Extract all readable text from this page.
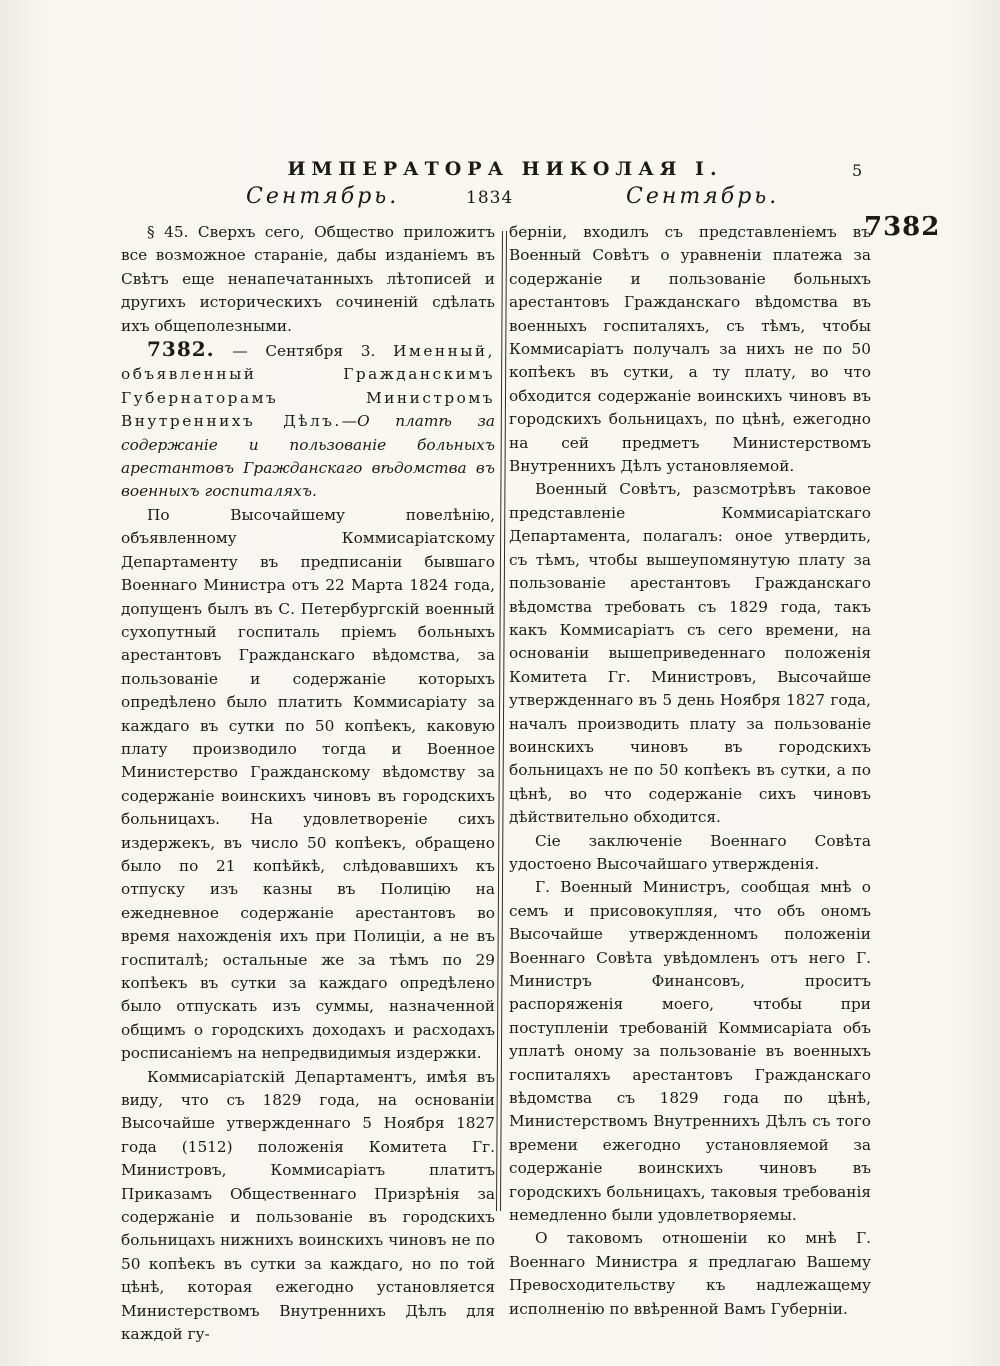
ИМПЕРАТОРА НИКОЛАЯ I.	5
Сентябрь.	1834	Сентябрь.
7382

§ 45. Сверхъ сего, Общество приложитъ все возможное стараніе, дабы изданіемъ въ Свѣтъ еще ненапечатанныхъ лѣтописей и другихъ историческихъ сочиненій сдѣлать ихъ общеполезными.

7382. — Сентября 3. Именный, объявленный Гражданскимъ Губернаторамъ Министромъ Внутреннихъ Дѣлъ.—О платѣ за содержаніе и пользованіе больныхъ арестантовъ Гражданскаго вѣдомства въ военныхъ госпиталяхъ.

По Высочайшему повелѣнію, объявленному Коммисаріатскому Департаменту въ предписаніи бывшаго Военнаго Министра отъ 22 Марта 1824 года, допущенъ былъ въ С. Петербургскій военный сухопутный госпиталь пріемъ больныхъ арестантовъ Гражданскаго вѣдомства, за пользованіе и содержаніе которыхъ опредѣлено было платить Коммисаріату за каждаго въ сутки по 50 копѣекъ, каковую плату производило тогда и Военное Министерство Гражданскому вѣдомству за содержаніе воинскихъ чиновъ въ городскихъ больницахъ. На удовлетвореніе сихъ издержекъ, въ число 50 копѣекъ, обращено было по 21 копѣйкѣ, слѣдовавшихъ къ отпуску изъ казны въ Полицію на ежедневное содержаніе арестантовъ во время нахожденія ихъ при Полиціи, а не въ госпиталѣ; остальные же за тѣмъ по 29 копѣекъ въ сутки за каждаго опредѣлено было отпускать изъ суммы, назначенной общимъ о городскихъ доходахъ и расходахъ росписаніемъ на непредвидимыя издержки.

Коммисаріатскій Департаментъ, имѣя въ виду, что съ 1829 года, на основаніи Высочайше утвержденнаго 5 Ноября 1827 года (1512) положенія Комитета Гг. Министровъ, Коммисаріатъ платитъ Приказамъ Общественнаго Призрѣнія за содержаніе и пользованіе въ городскихъ больницахъ нижнихъ воинскихъ чиновъ не по 50 копѣекъ въ сутки за каждаго, но по той цѣнѣ, которая ежегодно установляется Министерствомъ Внутреннихъ Дѣлъ для каждой гу-

берніи, входилъ съ представленіемъ въ Военный Совѣтъ о уравненіи платежа за содержаніе и пользованіе больныхъ арестантовъ Гражданскаго вѣдомства въ военныхъ госпиталяхъ, съ тѣмъ, чтобы Коммисаріатъ получалъ за нихъ не по 50 копѣекъ въ сутки, а ту плату, во что обходится содержаніе воинскихъ чиновъ въ городскихъ больницахъ, по цѣнѣ, ежегодно на сей предметъ Министерствомъ Внутреннихъ Дѣлъ установляемой.

Военный Совѣтъ, разсмотрѣвъ таковое представленіе Коммисаріатскаго Департамента, полагалъ: оное утвердить, съ тѣмъ, чтобы вышеупомянутую плату за пользованіе арестантовъ Гражданскаго вѣдомства требовать съ 1829 года, такъ какъ Коммисаріатъ съ сего времени, на основаніи вышеприведеннаго положенія Комитета Гг. Министровъ, Высочайше утвержденнаго въ 5 день Ноября 1827 года, началъ производить плату за пользованіе воинскихъ чиновъ въ городскихъ больницахъ не по 50 копѣекъ въ сутки, а по цѣнѣ, во что содержаніе сихъ чиновъ дѣйствительно обходится.

Сіе заключеніе Военнаго Совѣта удостоено Высочайшаго утвержденія.

Г. Военный Министръ, сообщая мнѣ о семъ и присовокупляя, что объ ономъ Высочайше утвержденномъ положеніи Военнаго Совѣта увѣдомленъ отъ него Г. Министръ Финансовъ, проситъ распоряженія моего, чтобы при поступленіи требованій Коммисаріата объ уплатѣ оному за пользованіе въ военныхъ госпиталяхъ арестантовъ Гражданскаго вѣдомства съ 1829 года по цѣнѣ, Министерствомъ Внутреннихъ Дѣлъ съ того времени ежегодно установляемой за содержаніе воинскихъ чиновъ въ городскихъ больницахъ, таковыя требованія немедленно были удовлетворяемы.

О таковомъ отношеніи ко мнѣ Г. Военнаго Министра я предлагаю Вашему Превосходительству къ надлежащему исполненію по ввѣренной Вамъ Губерніи.
